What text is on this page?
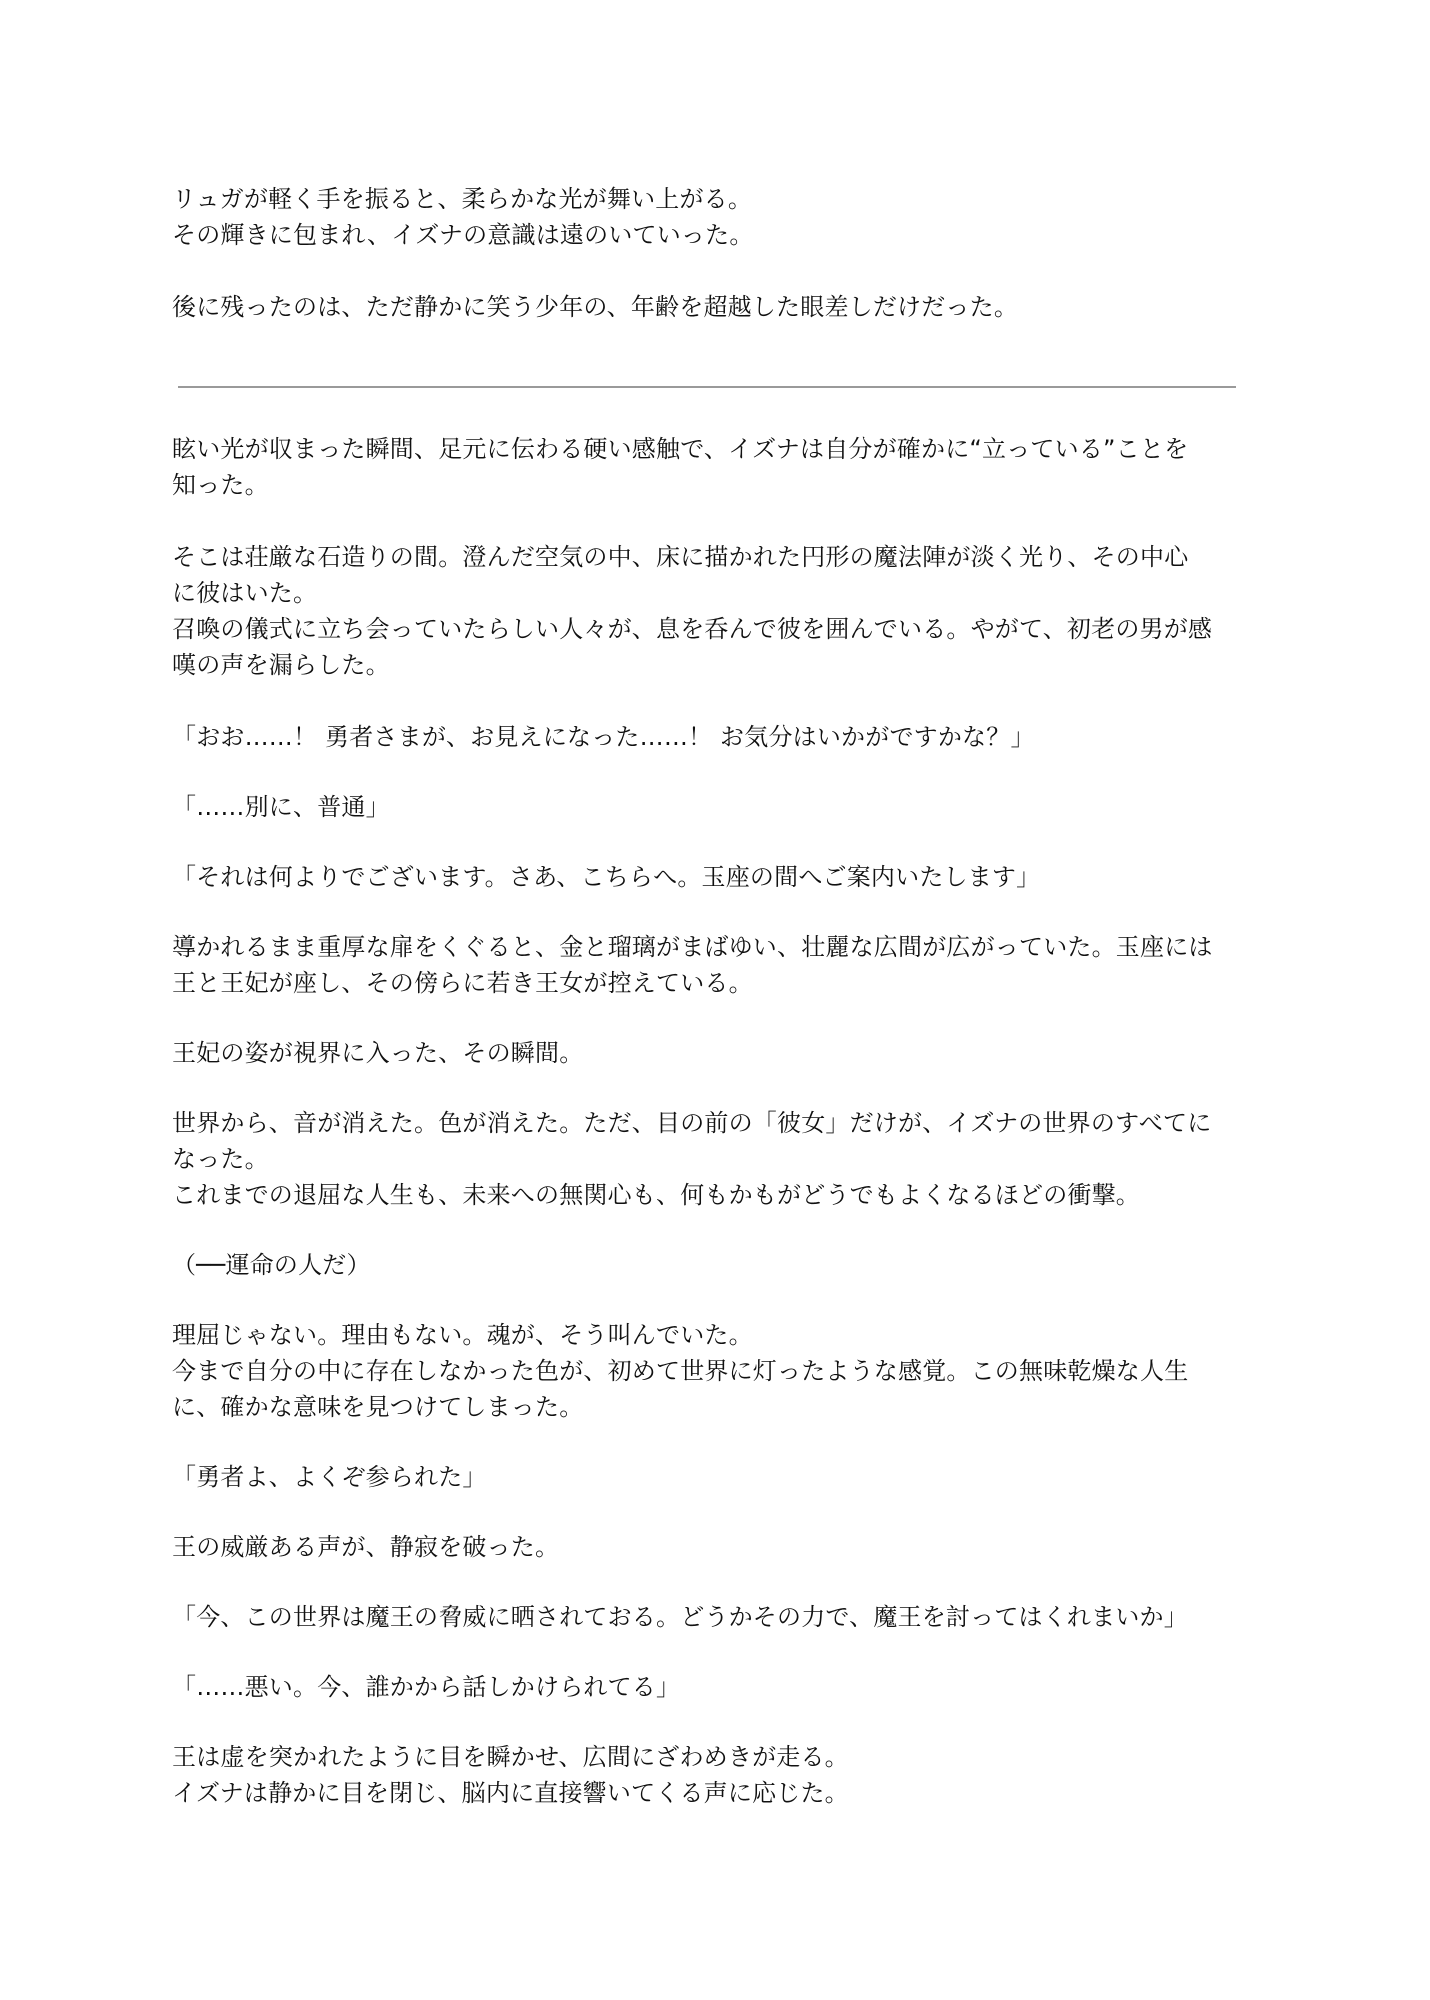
リュガが軽く手を振ると、柔らかな光が舞い上がる。
その輝きに包まれ、イズナの意識は遠のいていった。
後に残ったのは、ただ静かに笑う少年の、年齢を超越した眼差しだけだった。
眩い光が収まった瞬間、足元に伝わる硬い感触で、イズナは自分が確かに“立っている”ことを
知った。
そこは荘厳な石造りの間。澄んだ空気の中、床に描かれた円形の魔法陣が淡く光り、その中心
に彼はいた。
召喚の儀式に立ち会っていたらしい人々が、息を呑んで彼を囲んでいる。やがて、初老の男が感
嘆の声を漏らした。
「おお……！ 勇者さまが、お見えになった……！ お気分はいかがですかな？」
「……別に、普通」
「それは何よりでございます。さあ、こちらへ。玉座の間へご案内いたします」
導かれるまま重厚な扉をくぐると、金と瑠璃がまばゆい、壮麗な広間が広がっていた。玉座には
王と王妃が座し、その傍らに若き王女が控えている。
王妃の姿が視界に入った、その瞬間。
世界から、音が消えた。色が消えた。ただ、目の前の「彼女」だけが、イズナの世界のすべてに
なった。
これまでの退屈な人生も、未来への無関心も、何もかもがどうでもよくなるほどの衝撃。
（──運命の人だ）
理屈じゃない。理由もない。魂が、そう叫んでいた。
今まで自分の中に存在しなかった色が、初めて世界に灯ったような感覚。この無味乾燥な人生
に、確かな意味を見つけてしまった。
「勇者よ、よくぞ参られた」
王の威厳ある声が、静寂を破った。
「今、この世界は魔王の脅威に晒されておる。どうかその力で、魔王を討ってはくれまいか」
「……悪い。今、誰かから話しかけられてる」
王は虚を突かれたように目を瞬かせ、広間にざわめきが走る。
イズナは静かに目を閉じ、脳内に直接響いてくる声に応じた。
